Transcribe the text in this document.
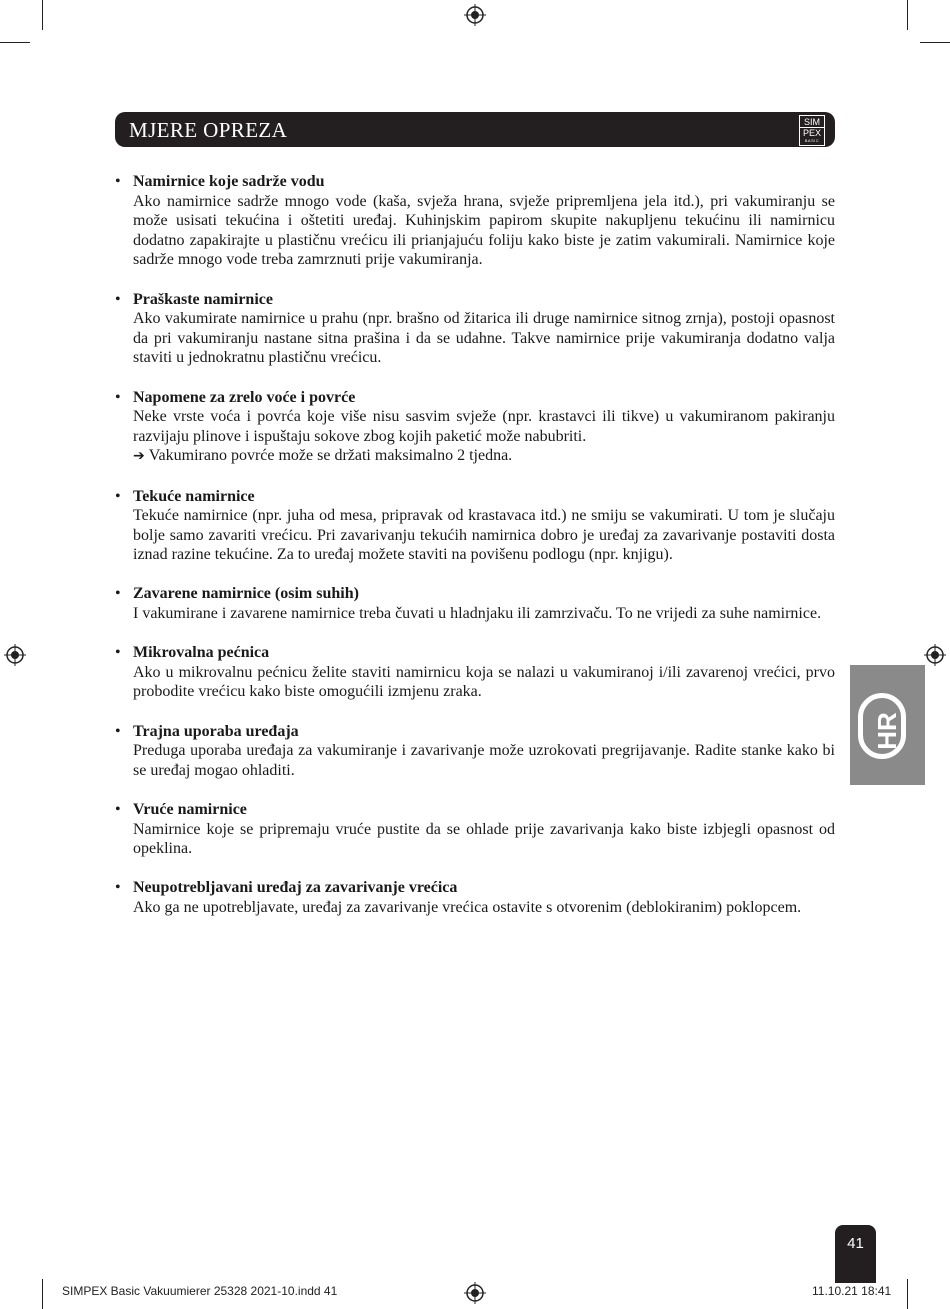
MJERE OPREZA	SIM
PEX
BASIC
• Namirnice koje sadrže vodu
Ako namirnice sadrže mnogo vode (kaša, svježa hrana, svježe pripremljena jela itd.), pri vakumiranju se može usisati tekućina i oštetiti uređaj. Kuhinjskim papirom skupite nakupljenu tekućinu ili namirnicu dodatno zapakirajte u plastičnu vrećicu ili prianjajuću foliju kako biste je zatim vakumirali. Namirnice koje sadrže mnogo vode treba zamrznuti prije vakumiranja.
• Praškaste namirnice
Ako vakumirate namirnice u prahu (npr. brašno od žitarica ili druge namirnice sitnog zrnja), postoji opasnost da pri vakumiranju nastane sitna prašina i da se udahne. Takve namirnice prije vakumiranja dodatno valja staviti u jednokratnu plastičnu vrećicu.
• Napomene za zrelo voće i povrće
Neke vrste voća i povrća koje više nisu sasvim svježe (npr. krastavci ili tikve) u vakumiranom pakiranju razvijaju plinove i ispuštaju sokove zbog kojih paketić može nabubriti.
➔ Vakumirano povrće može se držati maksimalno 2 tjedna.
• Tekuće namirnice
Tekuće namirnice (npr. juha od mesa, pripravak od krastavaca itd.) ne smiju se vakumirati. U tom je slučaju bolje samo zavariti vrećicu. Pri zavarivanju tekućih namirnica dobro je uređaj za zavarivanje postaviti dosta iznad razine tekućine. Za to uređaj možete staviti na povišenu podlogu (npr. knjigu).
• Zavarene namirnice (osim suhih)
I vakumirane i zavarene namirnice treba čuvati u hladnjaku ili zamrzivaču. To ne vrijedi za suhe namirnice.
• Mikrovalna pećnica
Ako u mikrovalnu pećnicu želite staviti namirnicu koja se nalazi u vakumiranoj i/ili zavarenoj vrećici, prvo probodite vrećicu kako biste omogućili izmjenu zraka.
• Trajna uporaba uređaja
Preduga uporaba uređaja za vakumiranje i zavarivanje može uzrokovati pregrijavanje. Radite stanke kako bi se uređaj mogao ohladiti.
• Vruće namirnice
Namirnice koje se pripremaju vruće pustite da se ohlade prije zavarivanja kako biste izbjegli opasnost od opeklina.
• Neupotrebljavani uređaj za zavarivanje vrećica
Ako ga ne upotrebljavate, uređaj za zavarivanje vrećica ostavite s otvorenim (deblokiranim) poklopcem.
HR
41
SIMPEX Basic Vakuumierer 25328 2021-10.indd 41	11.10.21 18:41
